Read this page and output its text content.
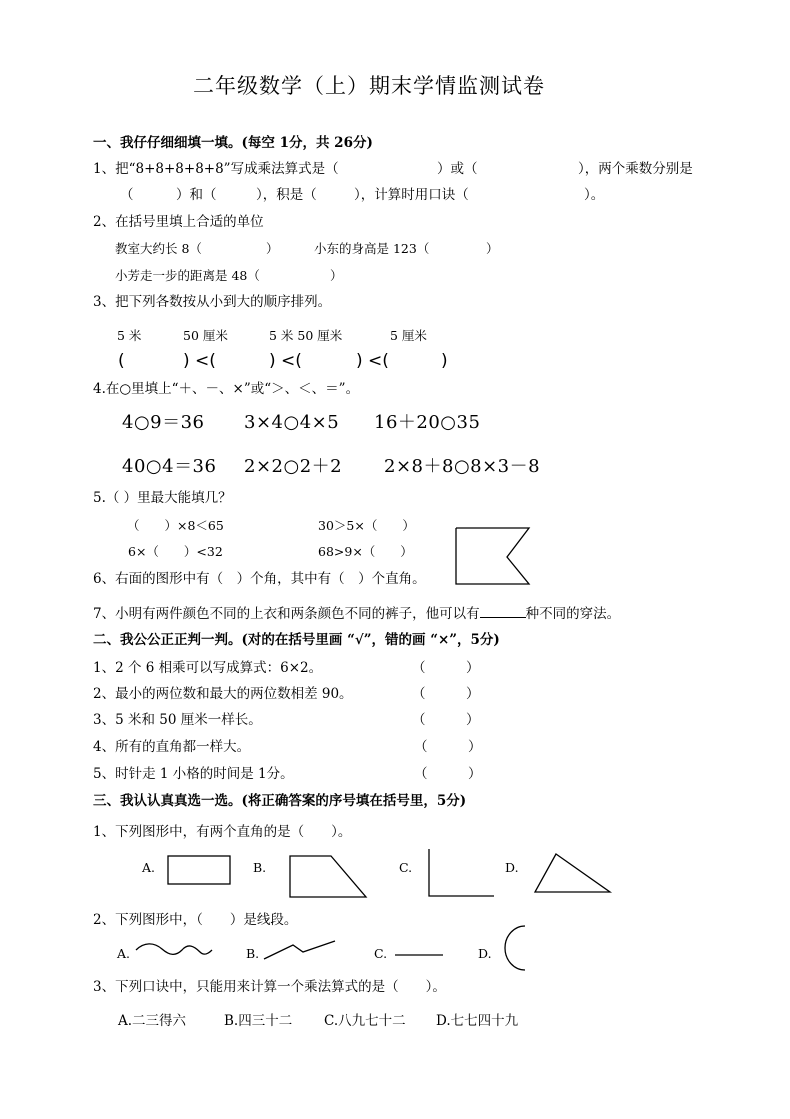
二年级数学（上）期末学情监测试卷
一、我仔仔细细填一填。(每空 1分，共 26分)
1、把“8+8+8+8+8”写成乘法算式是（	）或（	），两个乘数分别是
（	）和（	），积是（	），计算时用口诀（	）。
2、在括号里填上合适的单位
教室大约长 8（	）	小东的身高是 123（	）
小芳走一步的距离是 48（	）
3、把下列各数按从小到大的顺序排列。
5 米	50 厘米	5 米 50 厘米	5 厘米
(	) <(	) <(	) <(	)
4.在○里填上“＋、－、×”或“＞、＜、＝”。
4○9＝36 3×4○4×5 16＋20○35
40○4＝36 2×2○2＋2 2×8＋8○8×3－8
5.（ ）里最大能填几？
（　　）×8＜65	30＞5×（　　）
6×（　　）<32	68>9×（　　）
6、右面的图形中有（　）个角，其中有（　）个直角。
7、小明有两件颜色不同的上衣和两条颜色不同的裤子，他可以有	种不同的穿法。
二、我公公正正判一判。(对的在括号里画 “√”，错的画 “×”，5分)
1、2 个 6 相乘可以写成算式：6×2。	（　　　）
2、最小的两位数和最大的两位数相差 90。	（　　　）
3、5 米和 50 厘米一样长。	（　　　）
4、所有的直角都一样大。	（　　　）
5、时针走 1 小格的时间是 1分。	（　　　）
三、我认认真真选一选。(将正确答案的序号填在括号里，5分)
1、下列图形中，有两个直角的是（　　）。
A.	B.	C.	D.
2、下列图形中，（　　）是线段。
A.	B.	C.	D.
3、下列口诀中，只能用来计算一个乘法算式的是（　　）。
A.二三得六	B.四三十二 C.八九七十二 D.七七四十九
